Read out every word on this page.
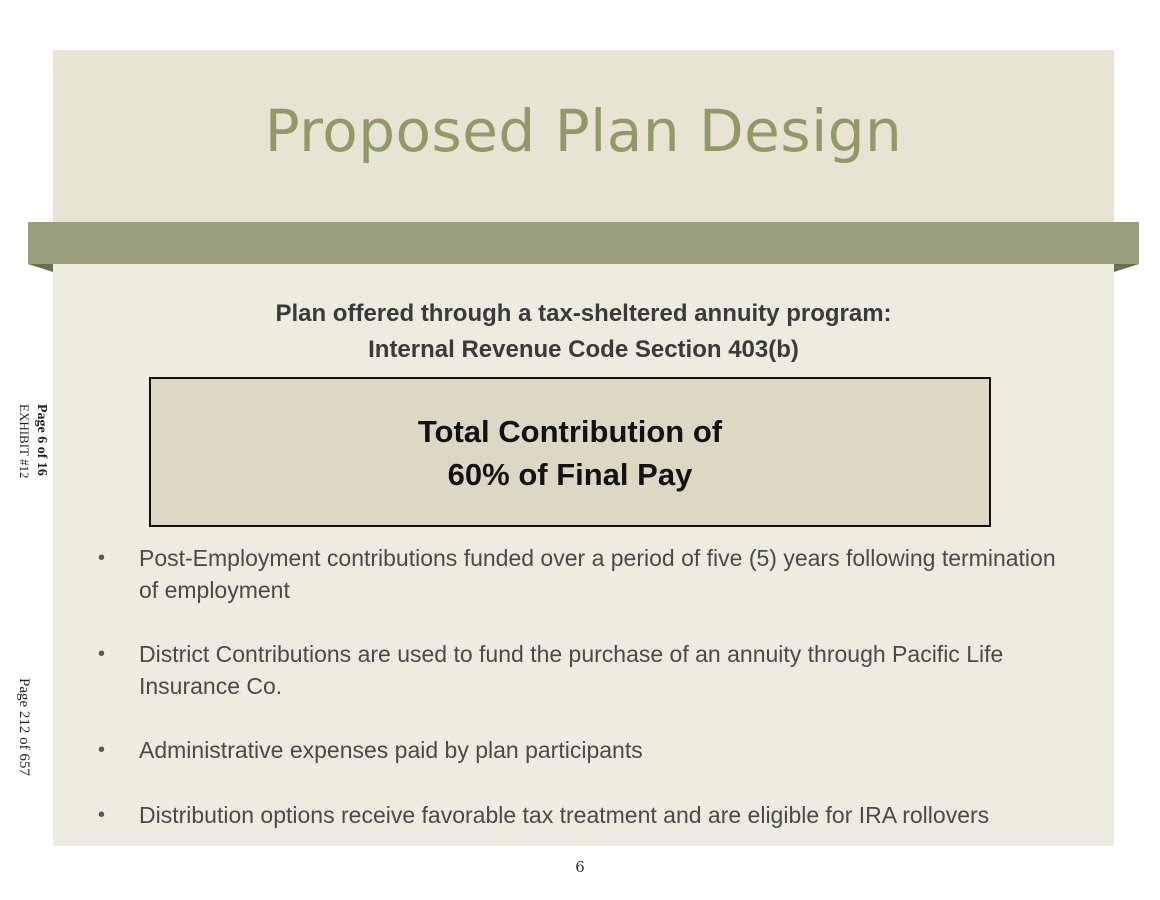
Proposed Plan Design
Plan offered through a tax-sheltered annuity program:
Internal Revenue Code Section 403(b)
Total Contribution of
60% of Final Pay
• Post-Employment contributions funded over a period of five (5) years following termination of employment
• District Contributions are used to fund the purchase of an annuity through Pacific Life Insurance Co.
• Administrative expenses paid by plan participants
• Distribution options receive favorable tax treatment and are eligible for IRA rollovers
6
Page 6 of 16
EXHIBIT #12
Page 212 of 657
